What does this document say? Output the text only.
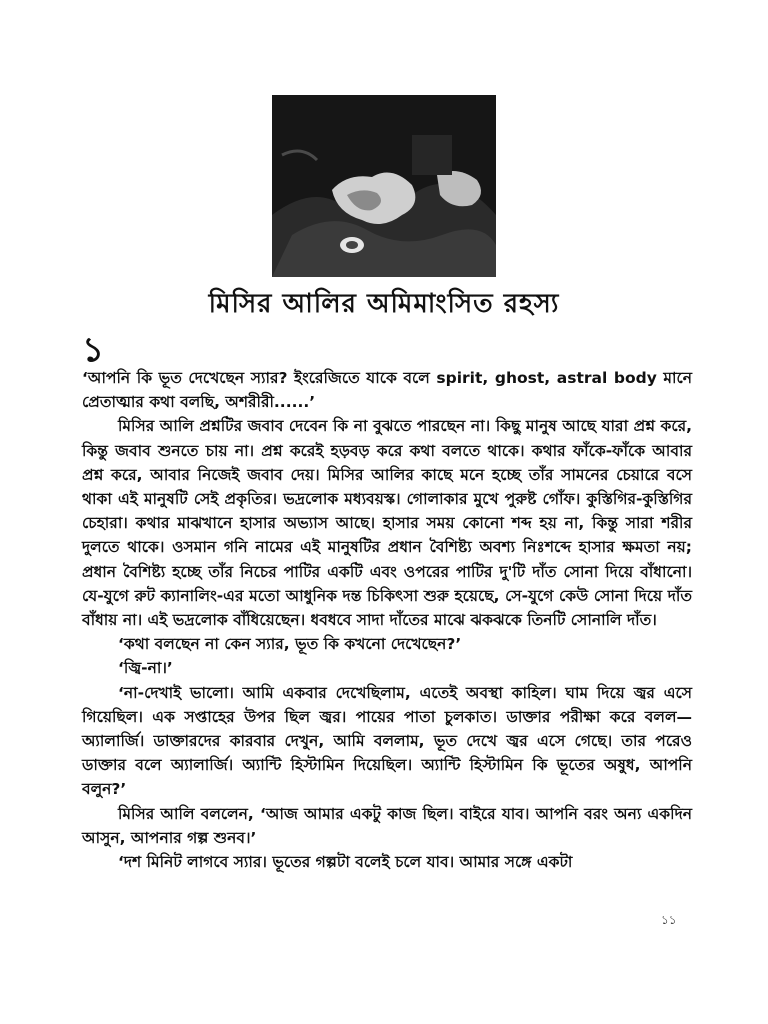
মিসির আলির অমিমাংসিত রহস্য
১

‘আপনি কি ভূত দেখেছেন স্যার? ইংরেজিতে যাকে বলে spirit, ghost, astral body মানে প্রেতাত্মার কথা বলছি, অশরীরী......’

মিসির আলি প্রশ্নটির জবাব দেবেন কি না বুঝতে পারছেন না। কিছু মানুষ আছে যারা প্রশ্ন করে, কিন্তু জবাব শুনতে চায় না। প্রশ্ন করেই হড়বড় করে কথা বলতে থাকে। কথার ফাঁকে-ফাঁকে আবার প্রশ্ন করে, আবার নিজেই জবাব দেয়। মিসির আলির কাছে মনে হচ্ছে তাঁর সামনের চেয়ারে বসে থাকা এই মানুষটি সেই প্রকৃতির। ভদ্রলোক মধ্যবয়স্ক। গোলাকার মুখে পুরুষ্ট গোঁফ। কুস্তিগির-কুস্তিগির চেহারা। কথার মাঝখানে হাসার অভ্যাস আছে। হাসার সময় কোনো শব্দ হয় না, কিন্তু সারা শরীর দুলতে থাকে। ওসমান গনি নামের এই মানুষটির প্রধান বৈশিষ্ট্য অবশ্য নিঃশব্দে হাসার ক্ষমতা নয়; প্রধান বৈশিষ্ট্য হচ্ছে তাঁর নিচের পাটির একটি এবং ওপরের পাটির দু'টি দাঁত সোনা দিয়ে বাঁধানো। যে-যুগে রুট ক্যানালিং-এর মতো আধুনিক দন্ত চিকিৎসা শুরু হয়েছে, সে-যুগে কেউ সোনা দিয়ে দাঁত বাঁধায় না। এই ভদ্রলোক বাঁধিয়েছেন। ধবধবে সাদা দাঁতের মাঝে ঝকঝকে তিনটি সোনালি দাঁত।

‘কথা বলছেন না কেন স্যার, ভূত কি কখনো দেখেছেন?’

‘জ্বি-না।’

‘না-দেখাই ভালো। আমি একবার দেখেছিলাম, এতেই অবস্থা কাহিল। ঘাম দিয়ে জ্বর এসে গিয়েছিল। এক সপ্তাহের উপর ছিল জ্বর। পায়ের পাতা চুলকাত। ডাক্তার পরীক্ষা করে বলল—অ্যালার্জি। ডাক্তারদের কারবার দেখুন, আমি বললাম, ভূত দেখে জ্বর এসে গেছে। তার পরেও ডাক্তার বলে অ্যালার্জি। অ্যান্টি হিস্টামিন দিয়েছিল। অ্যান্টি হিস্টামিন কি ভূতের অষুধ, আপনি বলুন?’

মিসির আলি বললেন, ‘আজ আমার একটু কাজ ছিল। বাইরে যাব। আপনি বরং অন্য একদিন আসুন, আপনার গল্প শুনব।’

‘দশ মিনিট লাগবে স্যার। ভূতের গল্পটা বলেই চলে যাব। আমার সঙ্গে একটা

১১
